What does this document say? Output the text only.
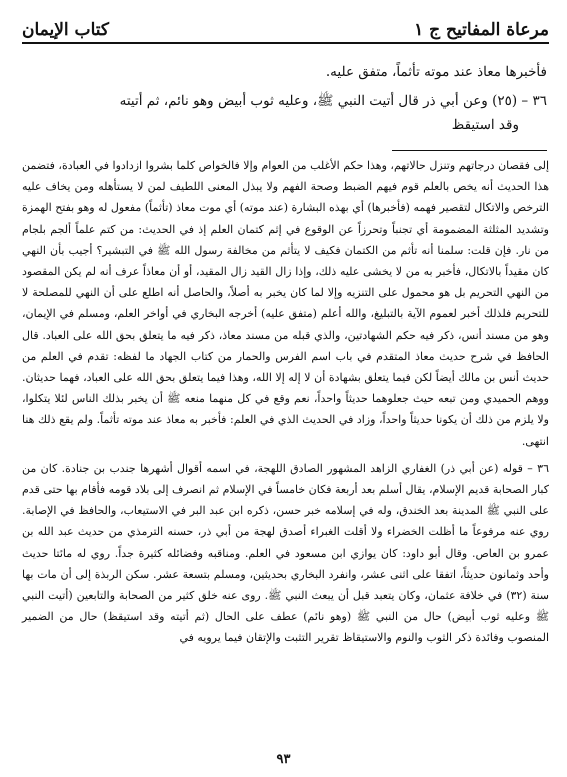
مرعاة المفاتيح ج ١
كتاب الإيمان
فأخبرها معاذ عند موته تأثماً، متفق عليه.
٣٦ – (٢٥) وعن أبي ذر قال أتيت النبي ﷺ، وعليه ثوب أبيض وهو نائم، ثم أتيته
وقد استيقظ

إلى فقصان درجاتهم وتنزل حالاتهم، وهذا حكم الأغلب من العوام وإلا فالخواص كلما بشروا ازدادوا في العبادة، فتضمن هذا الحديث أنه يخص بالعلم قوم فيهم الضبط وصحة الفهم ولا يبذل المعنى اللطيف لمن لا يستأهله ومن يخاف عليه الترخص والاتكال لتقصير فهمه (فأخبرها) أي بهذه البشارة (عند موته) أي موت معاذ (تأثماً) مفعول له وهو بفتح الهمزة وتشديد المثلثة المضمومة أي تجنباً وتحرزاً عن الوقوع في إثم كتمان العلم إذ في الحديث: من كتم علماً ألجم بلجام من نار. فإن قلت: سلمنا أنه تأثم من الكتمان فكيف لا يتأثم من مخالفة رسول الله ﷺ في التبشير؟ أجيب بأن النهي كان مقيداً بالاتكال، فأخبر به من لا يخشى عليه ذلك، وإذا زال القيد زال المقيد، أو أن معاذاً عرف أنه لم يكن المقصود من النهي التحريم بل هو محمول على التنزيه وإلا لما كان يخبر به أصلاً، والحاصل أنه اطلع على أن النهي للمصلحة لا للتحريم فلذلك أخبر لعموم الآية بالتبليغ، والله أعلم (متفق عليه) أخرجه البخاري في أواخر العلم، ومسلم في الإيمان، وهو من مسند أنس، ذكر فيه حكم الشهادتين، والذي قبله من مسند معاذ، ذكر فيه ما يتعلق بحق الله على العباد. قال الحافظ في شرح حديث معاذ المتقدم في باب اسم الفرس والحمار من كتاب الجهاد ما لفظه: تقدم في العلم من حديث أنس بن مالك أيضاً لكن فيما يتعلق بشهادة أن لا إله إلا الله، وهذا فيما يتعلق بحق الله على العباد، فهما حديثان. ووهم الحميدي ومن تبعه حيث جعلوهما حديثاً واحداً، نعم وقع في كل منهما منعه ﷺ أن يخبر بذلك الناس لئلا يتكلوا، ولا يلزم من ذلك أن يكونا حديثاً واحداً، وزاد في الحديث الذي في العلم: فأخبر به معاذ عند موته تأثماً. ولم يقع ذلك هنا انتهى.

٣٦ – قوله (عن أبي ذر) الغفاري الزاهد المشهور الصادق اللهجة، في اسمه أقوال أشهرها جندب بن جنادة. كان من كبار الصحابة قديم الإسلام، يقال أسلم بعد أربعة فكان خامساً في الإسلام ثم انصرف إلى بلاد قومه فأقام بها حتى قدم على النبي ﷺ المدينة بعد الخندق، وله في إسلامه خبر حسن، ذكره ابن عبد البر في الاستيعاب، والحافظ في الإصابة. روي عنه مرفوعاً ما أظلت الخضراء ولا أقلت الغبراء أصدق لهجة من أبي ذر، حسنه الترمذي من حديث عبد الله بن عمرو بن العاص. وقال أبو داود: كان يوازي ابن مسعود في العلم. ومناقبه وفضائله كثيرة جداً. روي له مائتا حديث وأحد وثمانون حديثاً، اتفقا على اثنى عشر، وانفرد البخاري بحديثين، ومسلم بتسعة عشر. سكن الربذة إلى أن مات بها سنة (٣٢) في خلافة عثمان، وكان يتعبد قبل أن يبعث النبي ﷺ. روى عنه خلق كثير من الصحابة والتابعين (أتيت النبي ﷺ وعليه ثوب أبيض) حال من النبي ﷺ (وهو نائم) عطف على الحال (ثم أتيته وقد استيقظ) حال من الضمير المنصوب وفائدة ذكر الثوب والنوم والاستيقاظ تقرير التثبت والإتقان فيما يرويه في

٩٣
